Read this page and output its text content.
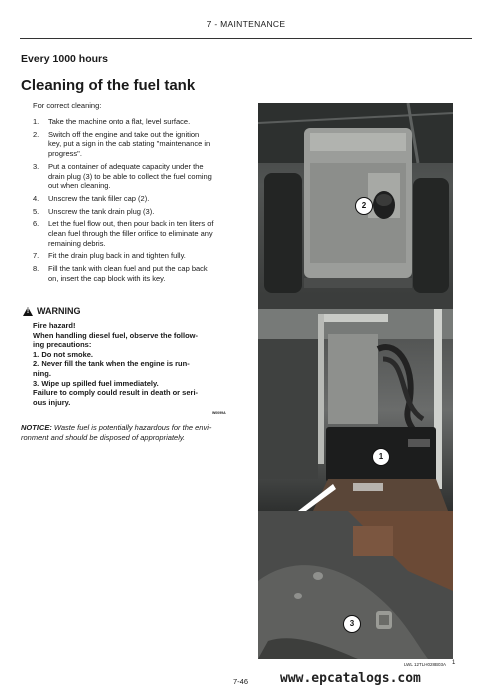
7 - MAINTENANCE
Every 1000 hours
Cleaning of the fuel tank
For correct cleaning:
1.	Take the machine onto a flat, level surface.
2.	Switch off the engine and take out the ignition
key, put a sign in the cab stating "maintenance in
progress".
3.	Put a container of adequate capacity under the
drain plug (3) to be able to collect the fuel coming
out when cleaning.
4.	Unscrew the tank filler cap (2).
5.	Unscrew the tank drain plug (3).
6.	Let the fuel flow out, then pour back in ten liters of
clean fuel through the filler orifice to eliminate any
remaining debris.
7.	Fit the drain plug back in and tighten fully.
8.	Fill the tank with clean fuel and put the cap back
on, insert the cap block with its key.
! WARNING
Fire hazard!
When handling diesel fuel, observe the follow-
ing precautions:
1. Do not smoke.
2. Never fill the tank when the engine is run-
ning.
3. Wipe up spilled fuel immediately.
Failure to comply could result in death or seri-
ous injury.
W0099A
NOTICE: Waste fuel is potentially hazardous for the envi-
ronment and should be disposed of appropriately.
2
1
3
LWL 12TLH028B03A 1
7-46 www.epcatalogs.com
